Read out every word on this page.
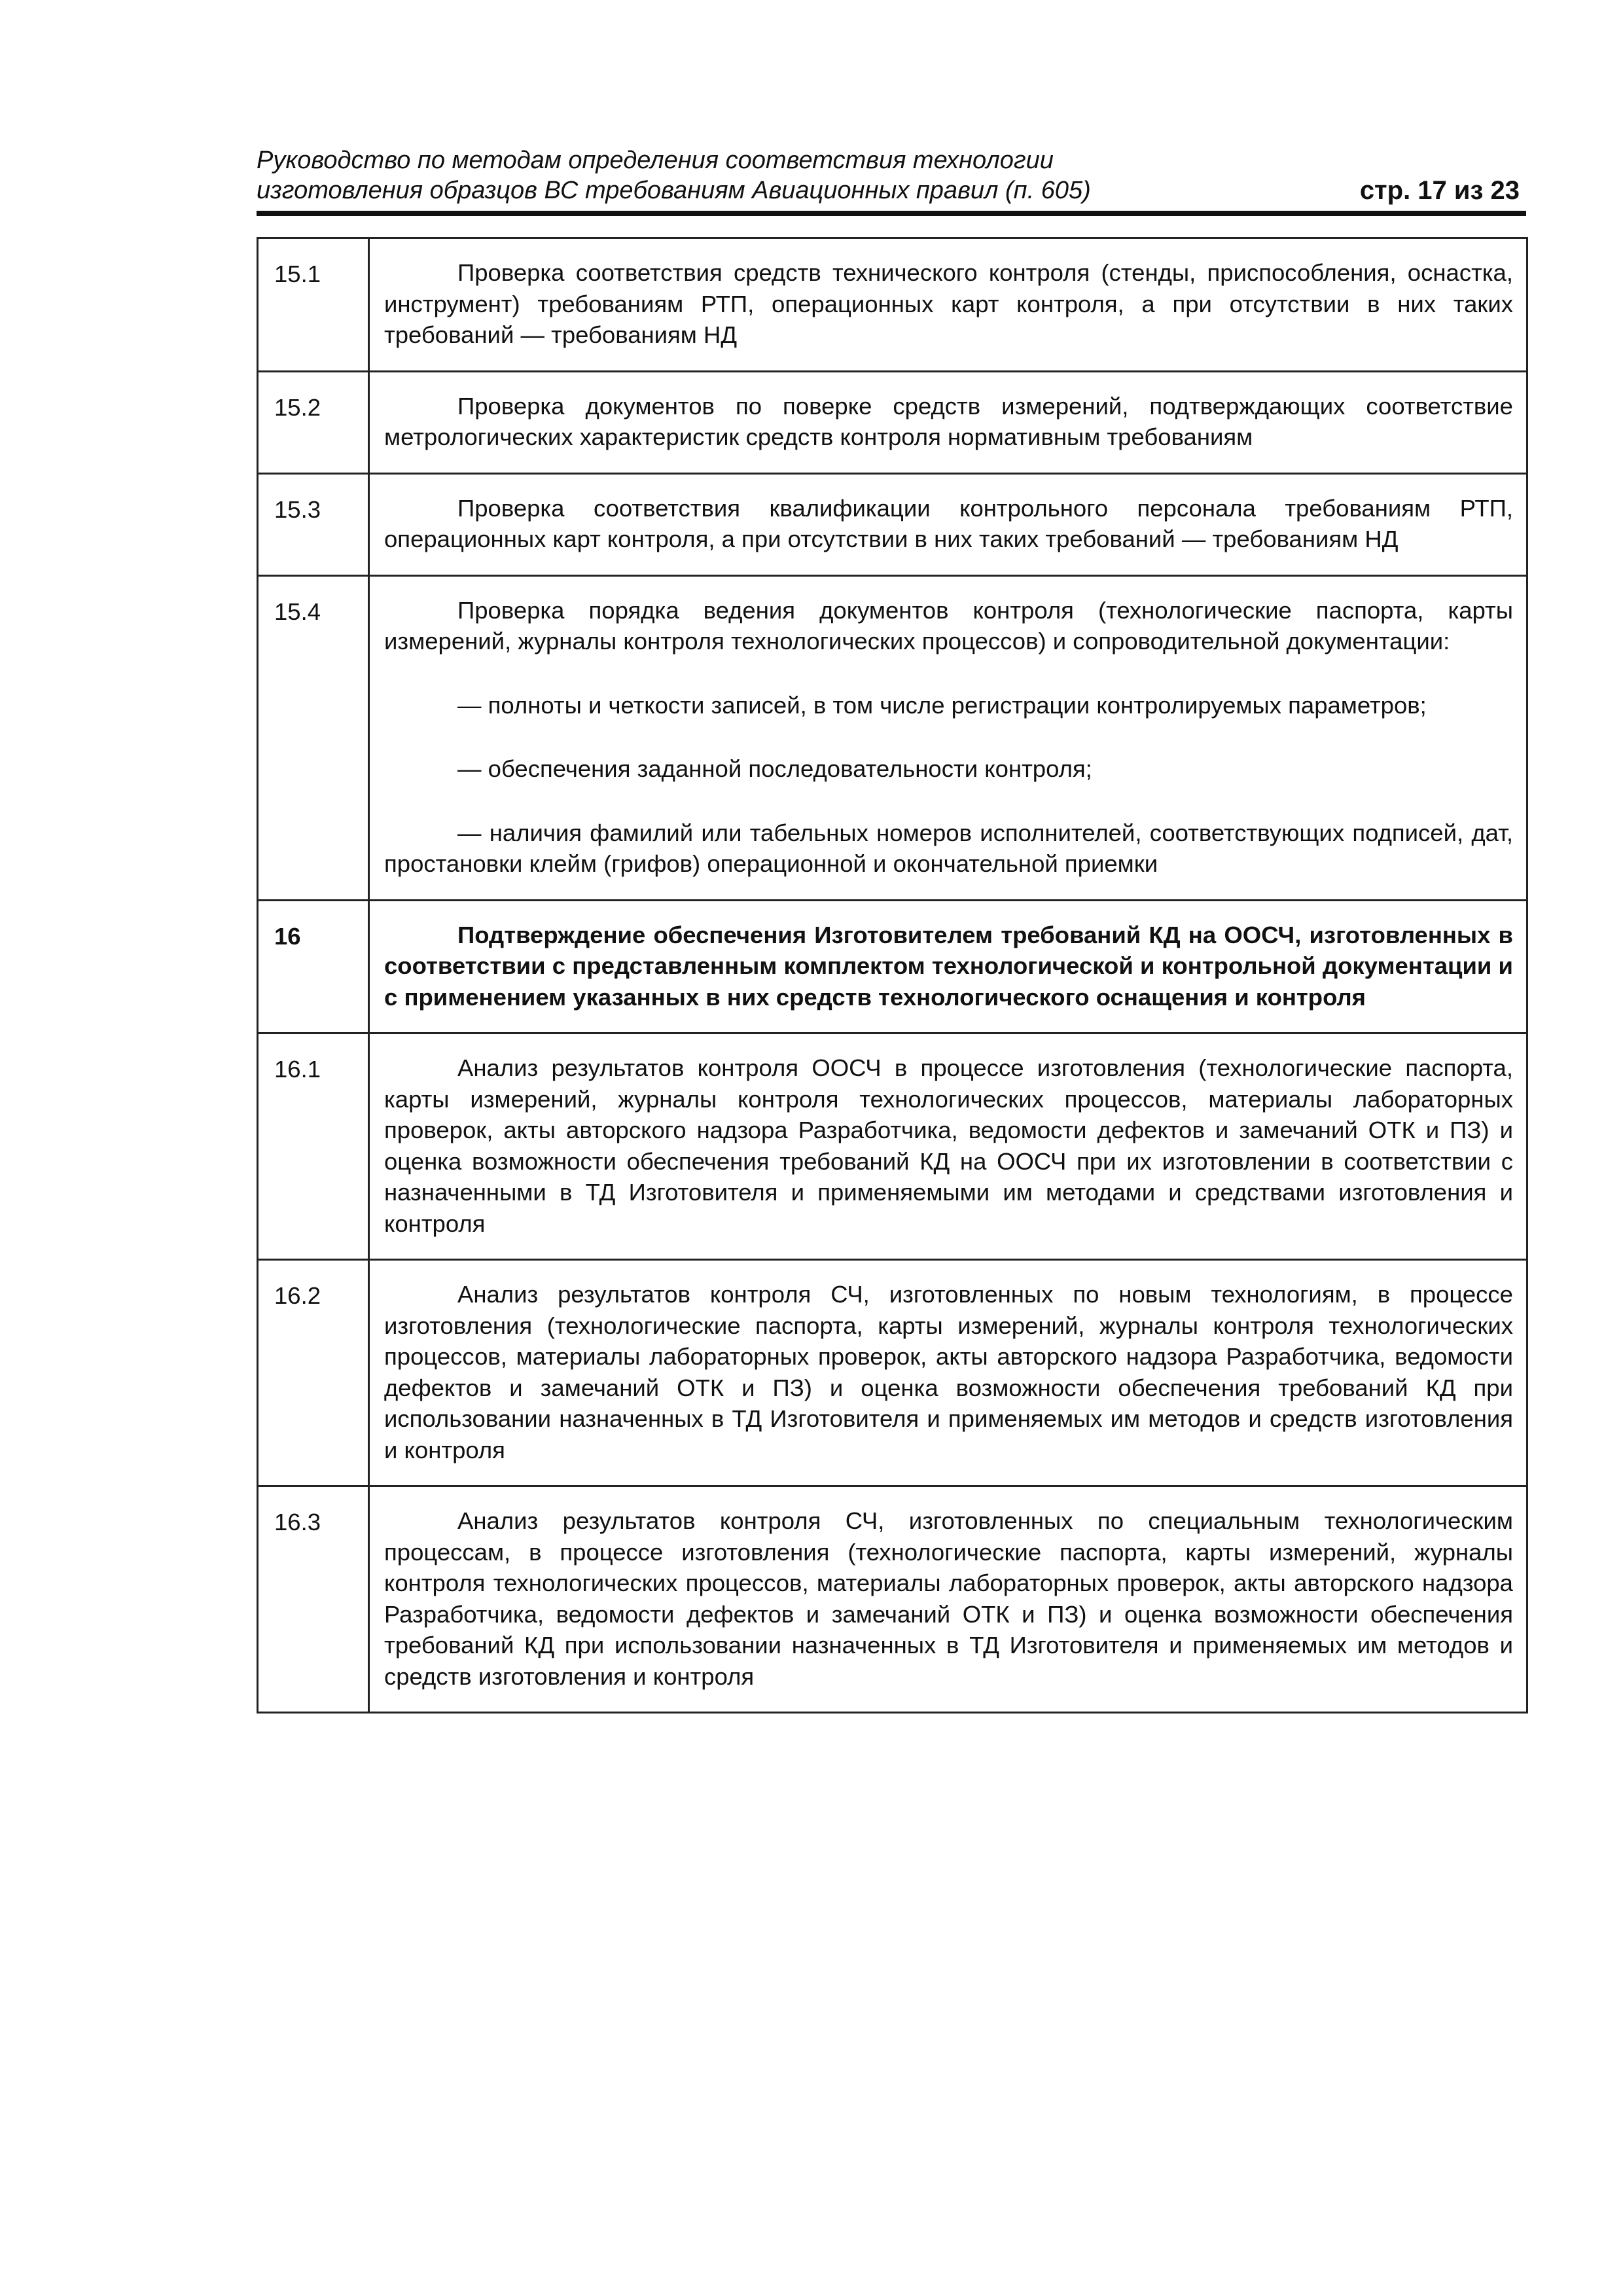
Руководство по методам определения соответствия технологии
изготовления образцов ВС требованиям Авиационных правил (п. 605)	стр. 17 из 23
15.1	Проверка соответствия средств технического контроля (стенды, приспособления, оснастка, инструмент) требованиям РТП, операционных карт контроля, а при отсутствии в них таких требований — требованиям НД

15.2	Проверка документов по поверке средств измерений, подтверждающих соответствие метрологических характеристик средств контроля нормативным требованиям

15.3	Проверка соответствия квалификации контрольного персонала требованиям РТП, операционных карт контроля, а при отсутствии в них таких требований — требованиям НД

15.4	Проверка порядка ведения документов контроля (технологические паспорта, карты измерений, журналы контроля технологических процессов) и сопроводительной документации:

— полноты и четкости записей, в том числе регистрации контролируемых параметров;

— обеспечения заданной последовательности контроля;

— наличия фамилий или табельных номеров исполнителей, соответствующих подписей, дат, простановки клейм (грифов) операционной и окончательной приемки

16	Подтверждение обеспечения Изготовителем требований КД на ООСЧ, изготовленных в соответствии с представленным комплектом технологической и контрольной документации и с применением указанных в них средств технологического оснащения и контроля

16.1	Анализ результатов контроля ООСЧ в процессе изготовления (технологические паспорта, карты измерений, журналы контроля технологических процессов, материалы лабораторных проверок, акты авторского надзора Разработчика, ведомости дефектов и замечаний ОТК и ПЗ) и оценка возможности обеспечения требований КД на ООСЧ при их изготовлении в соответствии с назначенными в ТД Изготовителя и применяемыми им методами и средствами изготовления и контроля

16.2	Анализ результатов контроля СЧ, изготовленных по новым технологиям, в процессе изготовления (технологические паспорта, карты измерений, журналы контроля технологических процессов, материалы лабораторных проверок, акты авторского надзора Разработчика, ведомости дефектов и замечаний ОТК и ПЗ) и оценка возможности обеспечения требований КД при использовании назначенных в ТД Изготовителя и применяемых им методов и средств изготовления и контроля

16.3	Анализ результатов контроля СЧ, изготовленных по специальным технологическим процессам, в процессе изготовления (технологические паспорта, карты измерений, журналы контроля технологических процессов, материалы лабораторных проверок, акты авторского надзора Разработчика, ведомости дефектов и замечаний ОТК и ПЗ) и оценка возможности обеспечения требований КД при использовании назначенных в ТД Изготовителя и применяемых им методов и средств изготовления и контроля
